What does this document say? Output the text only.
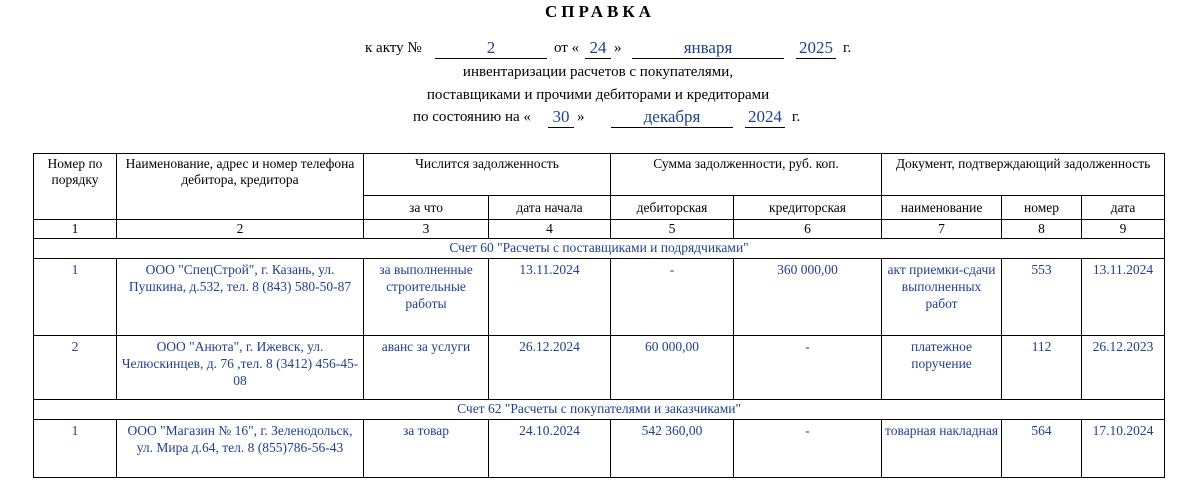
СПРАВКА
к акту №	2	от « 24 »	января	2025 г.
инвентаризации расчетов с покупателями,
поставщиками и прочими дебиторами и кредиторами
по состоянию на « 30 »	декабря	2024 г.
Номер по порядку	Наименование, адрес и номер телефона дебитора, кредитора	Числится задолженность		Сумма задолженности, руб. коп.		Документ, подтверждающий задолженность		
		за что	дата начала	дебиторская	кредиторская	наименование	номер	дата
1	2	3	4	5	6	7	8	9
Счет 60 "Расчеты с поставщиками и подрядчиками"								
1	ООО "СпецСтрой", г. Казань, ул. Пушкина, д.532, тел. 8 (843) 580-50-87	за выполненные строительные работы	13.11.2024	-	360 000,00	акт приемки-сдачи выполненных работ	553	13.11.2024
2	ООО "Анюта", г. Ижевск, ул. Челюскинцев, д. 76 ,тел. 8 (3412) 456-45-08	аванс за услуги	26.12.2024	60 000,00	-	платежное поручение	112	26.12.2023
Счет 62 "Расчеты с покупателями и заказчиками"								
1	ООО "Магазин № 16", г. Зеленодольск, ул. Мира д.64, тел. 8 (855)786-56-43	за товар	24.10.2024	542 360,00	-	товарная накладная	564	17.10.2024
